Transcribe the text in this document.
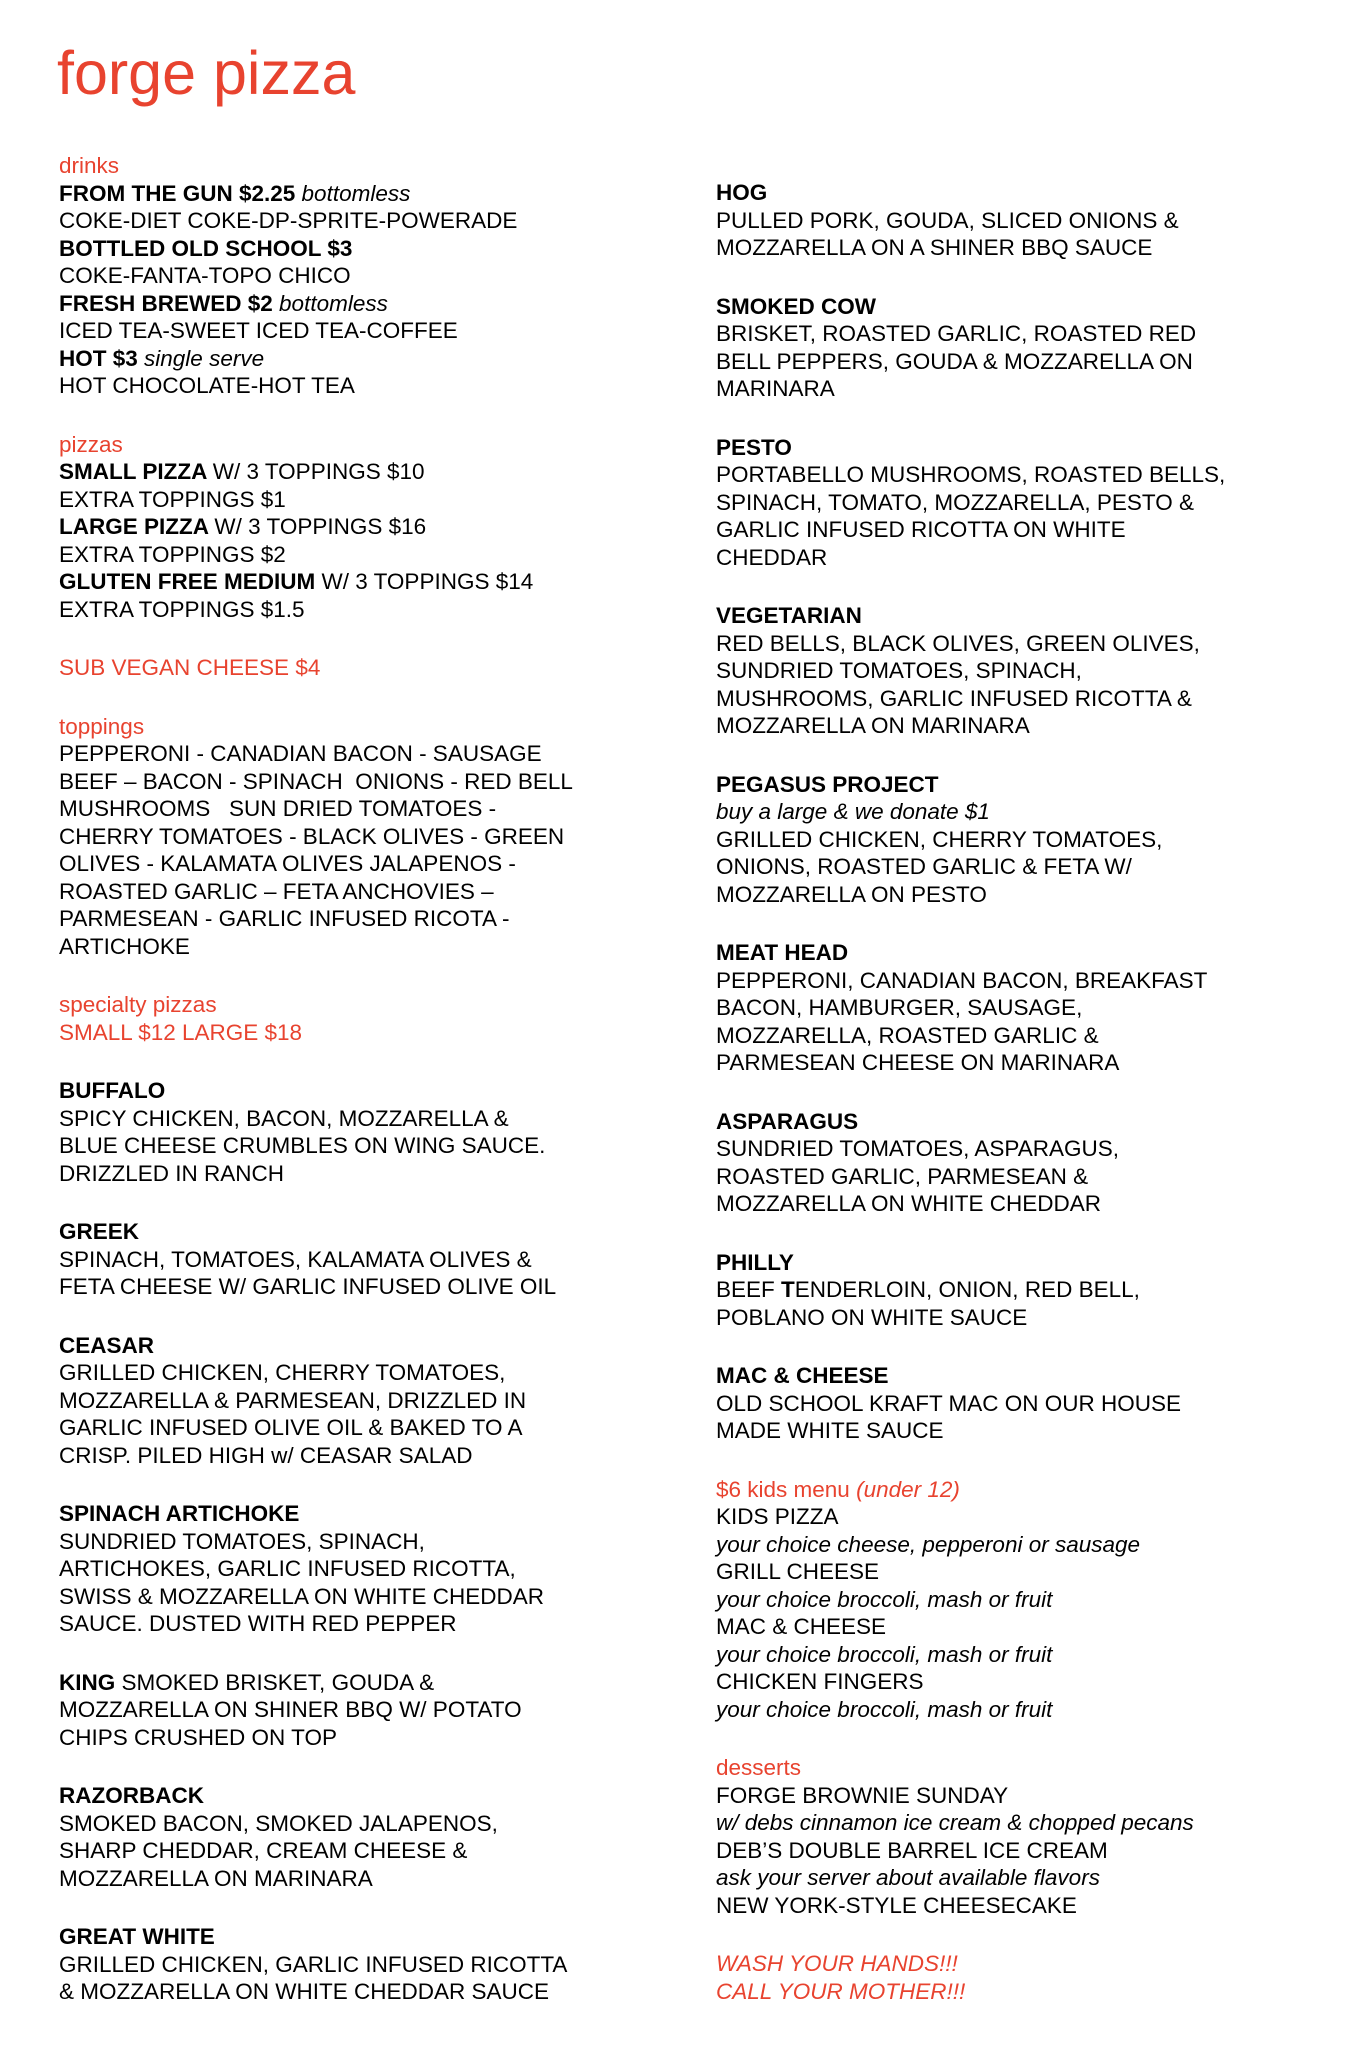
forge pizza
drinks
FROM THE GUN $2.25 bottomless
COKE-DIET COKE-DP-SPRITE-POWERADE
BOTTLED OLD SCHOOL $3
COKE-FANTA-TOPO CHICO
FRESH BREWED $2 bottomless
ICED TEA-SWEET ICED TEA-COFFEE
HOT $3 single serve
HOT CHOCOLATE-HOT TEA
pizzas
SMALL PIZZA W/ 3 TOPPINGS $10
EXTRA TOPPINGS $1
LARGE PIZZA W/ 3 TOPPINGS $16
EXTRA TOPPINGS $2
GLUTEN FREE MEDIUM W/ 3 TOPPINGS $14
EXTRA TOPPINGS $1.5
SUB VEGAN CHEESE $4
toppings
PEPPERONI - CANADIAN BACON - SAUSAGE
BEEF – BACON - SPINACH  ONIONS - RED BELL
MUSHROOMS   SUN DRIED TOMATOES -
CHERRY TOMATOES - BLACK OLIVES - GREEN
OLIVES - KALAMATA OLIVES JALAPENOS -
ROASTED GARLIC – FETA ANCHOVIES –
PARMESEAN - GARLIC INFUSED RICOTA -
ARTICHOKE
specialty pizzas
SMALL $12 LARGE $18
BUFFALO
SPICY CHICKEN, BACON, MOZZARELLA &
BLUE CHEESE CRUMBLES ON WING SAUCE.
DRIZZLED IN RANCH
GREEK
SPINACH, TOMATOES, KALAMATA OLIVES &
FETA CHEESE W/ GARLIC INFUSED OLIVE OIL
CEASAR
GRILLED CHICKEN, CHERRY TOMATOES,
MOZZARELLA & PARMESEAN, DRIZZLED IN
GARLIC INFUSED OLIVE OIL & BAKED TO A
CRISP. PILED HIGH w/ CEASAR SALAD
SPINACH ARTICHOKE
SUNDRIED TOMATOES, SPINACH,
ARTICHOKES, GARLIC INFUSED RICOTTA,
SWISS & MOZZARELLA ON WHITE CHEDDAR
SAUCE. DUSTED WITH RED PEPPER
KING SMOKED BRISKET, GOUDA &
MOZZARELLA ON SHINER BBQ W/ POTATO
CHIPS CRUSHED ON TOP
RAZORBACK
SMOKED BACON, SMOKED JALAPENOS,
SHARP CHEDDAR, CREAM CHEESE &
MOZZARELLA ON MARINARA
GREAT WHITE
GRILLED CHICKEN, GARLIC INFUSED RICOTTA
& MOZZARELLA ON WHITE CHEDDAR SAUCE
HOG
PULLED PORK, GOUDA, SLICED ONIONS &
MOZZARELLA ON A SHINER BBQ SAUCE
SMOKED COW
BRISKET, ROASTED GARLIC, ROASTED RED
BELL PEPPERS, GOUDA & MOZZARELLA ON
MARINARA
PESTO
PORTABELLO MUSHROOMS, ROASTED BELLS,
SPINACH, TOMATO, MOZZARELLA, PESTO &
GARLIC INFUSED RICOTTA ON WHITE
CHEDDAR
VEGETARIAN
RED BELLS, BLACK OLIVES, GREEN OLIVES,
SUNDRIED TOMATOES, SPINACH,
MUSHROOMS, GARLIC INFUSED RICOTTA &
MOZZARELLA ON MARINARA
PEGASUS PROJECT
buy a large & we donate $1
GRILLED CHICKEN, CHERRY TOMATOES,
ONIONS, ROASTED GARLIC & FETA W/
MOZZARELLA ON PESTO
MEAT HEAD
PEPPERONI, CANADIAN BACON, BREAKFAST
BACON, HAMBURGER, SAUSAGE,
MOZZARELLA, ROASTED GARLIC &
PARMESEAN CHEESE ON MARINARA
ASPARAGUS
SUNDRIED TOMATOES, ASPARAGUS,
ROASTED GARLIC, PARMESEAN &
MOZZARELLA ON WHITE CHEDDAR
PHILLY
BEEF TENDERLOIN, ONION, RED BELL,
POBLANO ON WHITE SAUCE
MAC & CHEESE
OLD SCHOOL KRAFT MAC ON OUR HOUSE
MADE WHITE SAUCE
$6 kids menu (under 12)
KIDS PIZZA
your choice cheese, pepperoni or sausage
GRILL CHEESE
your choice broccoli, mash or fruit
MAC & CHEESE
your choice broccoli, mash or fruit
CHICKEN FINGERS
your choice broccoli, mash or fruit
desserts
FORGE BROWNIE SUNDAY
w/ debs cinnamon ice cream & chopped pecans
DEB’S DOUBLE BARREL ICE CREAM
ask your server about available flavors
NEW YORK-STYLE CHEESECAKE
WASH YOUR HANDS!!!
CALL YOUR MOTHER!!!
